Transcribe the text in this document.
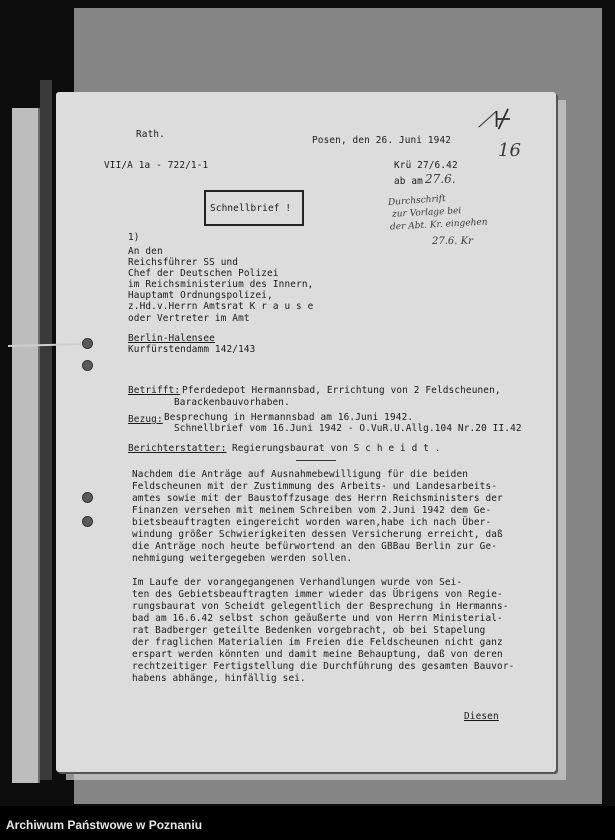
Rath.
VII/A 1a - 722/1-1
Posen, den 26. Juni 1942
Krü 27/6.42
ab am 27.6.
16
⟋⊬
Durchschrift
zur Vorlage bei
der Abt. Kr. eingehen
27.6. Kr
Schnellbrief !
1)
An den
Reichsführer SS und
Chef der Deutschen Polizei
im Reichsministerium des Innern,
Hauptamt Ordnungspolizei,
z.Hd.v.Herrn Amtsrat K r a u s e
oder Vertreter im Amt
Berlin-Halensee
Kurfürstendamm 142/143
Betrifft: Pferdedepot Hermannsbad, Errichtung von 2 Feldscheunen,
Barackenbauvorhaben.
Bezug: Besprechung in Hermannsbad am 16.Juni 1942.
Schnellbrief vom 16.Juni 1942 - O.VuR.U.Allg.104 Nr.20 II.42
Berichterstatter: Regierungsbaurat von S c h e i d t .
Nachdem die Anträge auf Ausnahmebewilligung für die beiden
Feldscheunen mit der Zustimmung des Arbeits- und Landesarbeits-
amtes sowie mit der Baustoffzusage des Herrn Reichsministers der
Finanzen versehen mit meinem Schreiben vom 2.Juni 1942 dem Ge-
bietsbeauftragten eingereicht worden waren,habe ich nach Über-
windung größer Schwierigkeiten dessen Versicherung erreicht, daß
die Anträge noch heute befürwortend an den GBBau Berlin zur Ge-
nehmigung weitergegeben werden sollen.
Im Laufe der vorangegangenen Verhandlungen wurde von Sei-
ten des Gebietsbeauftragten immer wieder das Übrigens von Regie-
rungsbaurat von Scheidt gelegentlich der Besprechung in Hermanns-
bad am 16.6.42 selbst schon geäußerte und von Herrn Ministerial-
rat Badberger geteilte Bedenken vorgebracht, ob bei Stapelung
der fraglichen Materialien im Freien die Feldscheunen nicht ganz
erspart werden könnten und damit meine Behauptung, daß von deren
rechtzeitiger Fertigstellung die Durchführung des gesamten Bauvor-
habens abhänge, hinfällig sei.
Diesen
Archiwum Państwowe w Poznaniu
